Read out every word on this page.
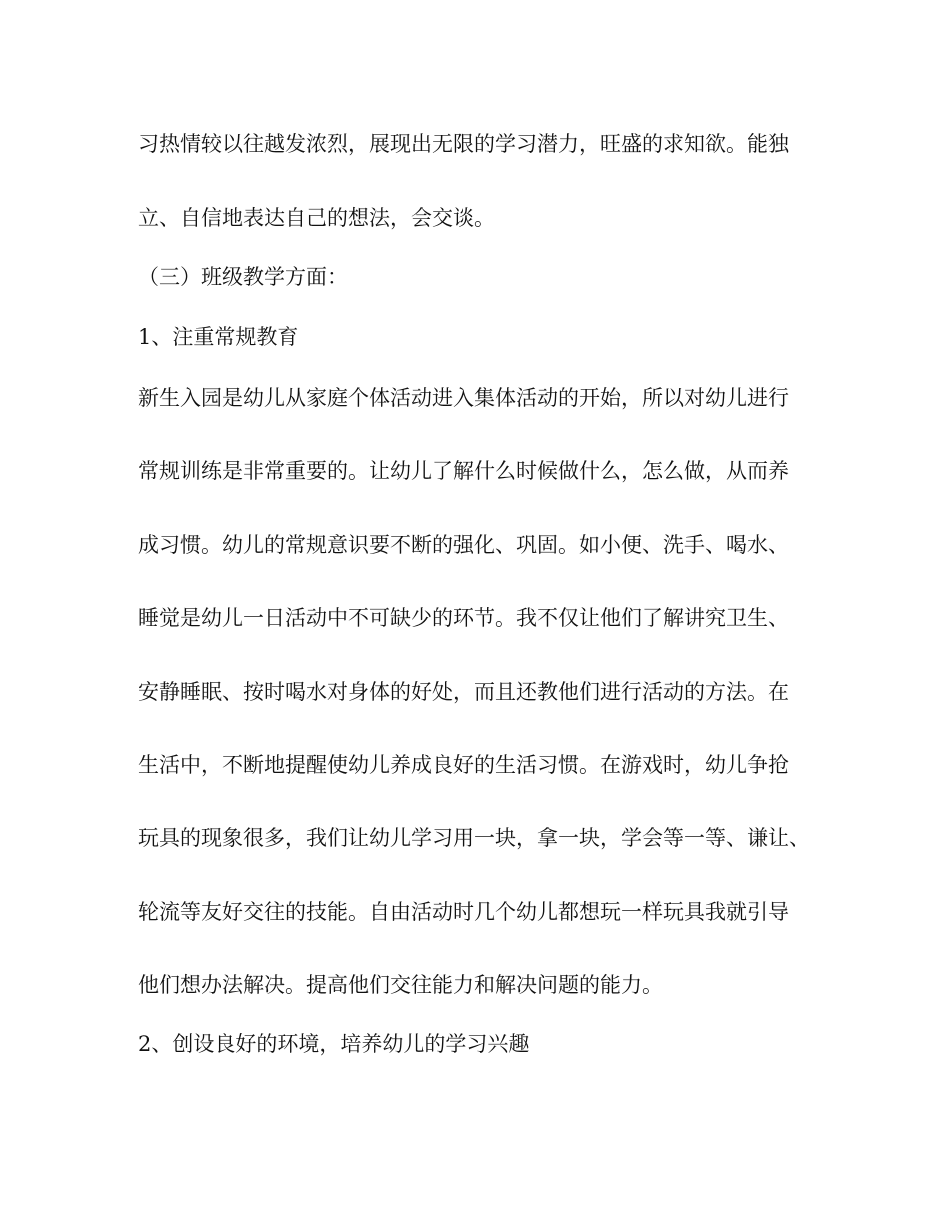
习热情较以往越发浓烈，展现出无限的学习潜力，旺盛的求知欲。能独
立、自信地表达自己的想法，会交谈。
（三）班级教学方面：
1、注重常规教育
新生入园是幼儿从家庭个体活动进入集体活动的开始，所以对幼儿进行
常规训练是非常重要的。让幼儿了解什么时候做什么，怎么做，从而养
成习惯。幼儿的常规意识要不断的强化、巩固。如小便、洗手、喝水、
睡觉是幼儿一日活动中不可缺少的环节。我不仅让他们了解讲究卫生、
安静睡眠、按时喝水对身体的好处，而且还教他们进行活动的方法。在
生活中，不断地提醒使幼儿养成良好的生活习惯。在游戏时，幼儿争抢
玩具的现象很多，我们让幼儿学习用一块，拿一块，学会等一等、谦让、
轮流等友好交往的技能。自由活动时几个幼儿都想玩一样玩具我就引导
他们想办法解决。提高他们交往能力和解决问题的能力。
2、创设良好的环境，培养幼儿的学习兴趣
